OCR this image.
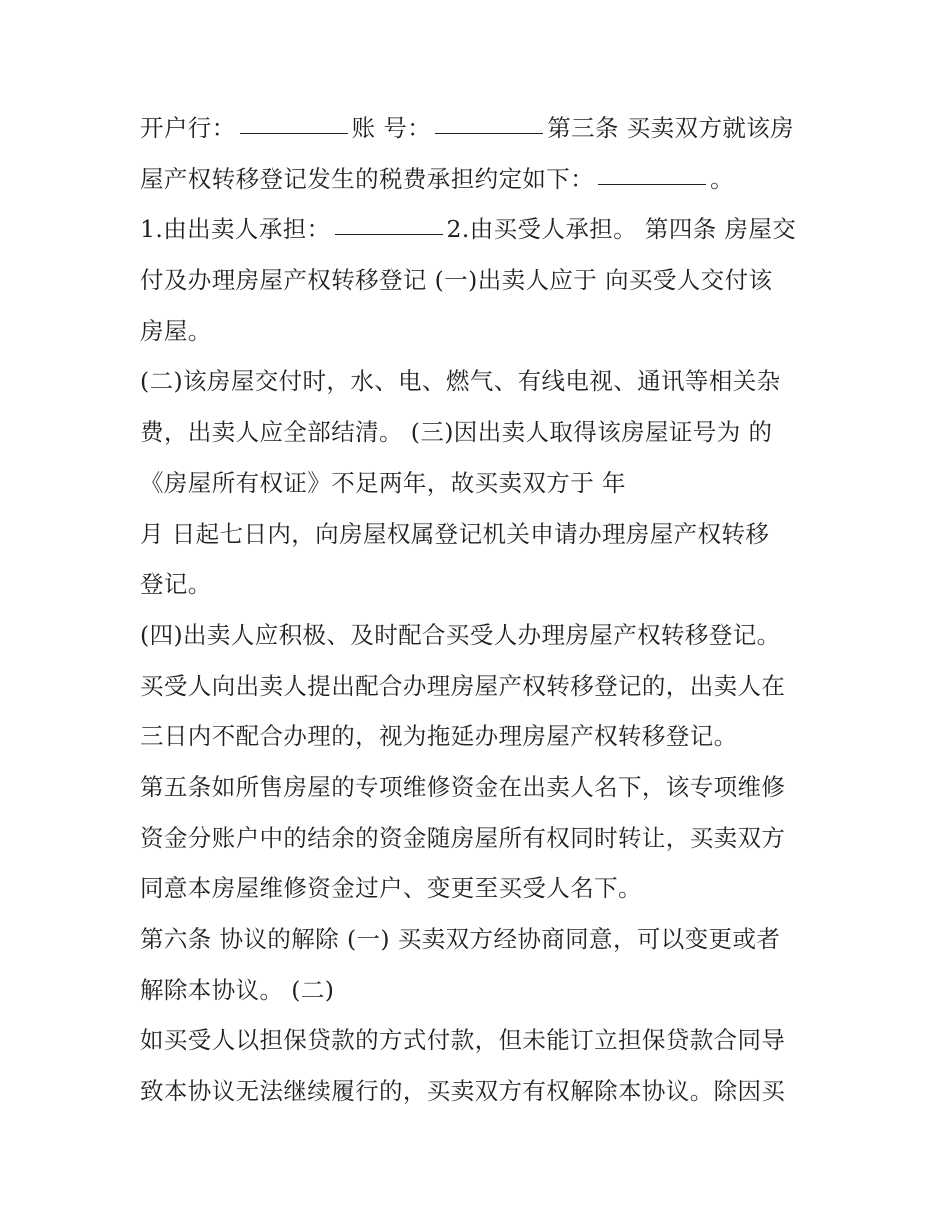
开户行：	账 号：	第三条 买卖双方就该房
屋产权转移登记发生的税费承担约定如下：	。
1.由出卖人承担：	2.由买受人承担。 第四条 房屋交
付及办理房屋产权转移登记 (一)出卖人应于 向买受人交付该
房屋。
(二)该房屋交付时，水、电、燃气、有线电视、通讯等相关杂
费，出卖人应全部结清。 (三)因出卖人取得该房屋证号为 的
《房屋所有权证》不足两年，故买卖双方于 年
月 日起七日内，向房屋权属登记机关申请办理房屋产权转移
登记。
(四)出卖人应积极、及时配合买受人办理房屋产权转移登记。
买受人向出卖人提出配合办理房屋产权转移登记的，出卖人在
三日内不配合办理的，视为拖延办理房屋产权转移登记。
第五条如所售房屋的专项维修资金在出卖人名下，该专项维修
资金分账户中的结余的资金随房屋所有权同时转让，买卖双方
同意本房屋维修资金过户、变更至买受人名下。
第六条 协议的解除 (一) 买卖双方经协商同意，可以变更或者
解除本协议。 (二)
如买受人以担保贷款的方式付款，但未能订立担保贷款合同导
致本协议无法继续履行的，买卖双方有权解除本协议。除因买
